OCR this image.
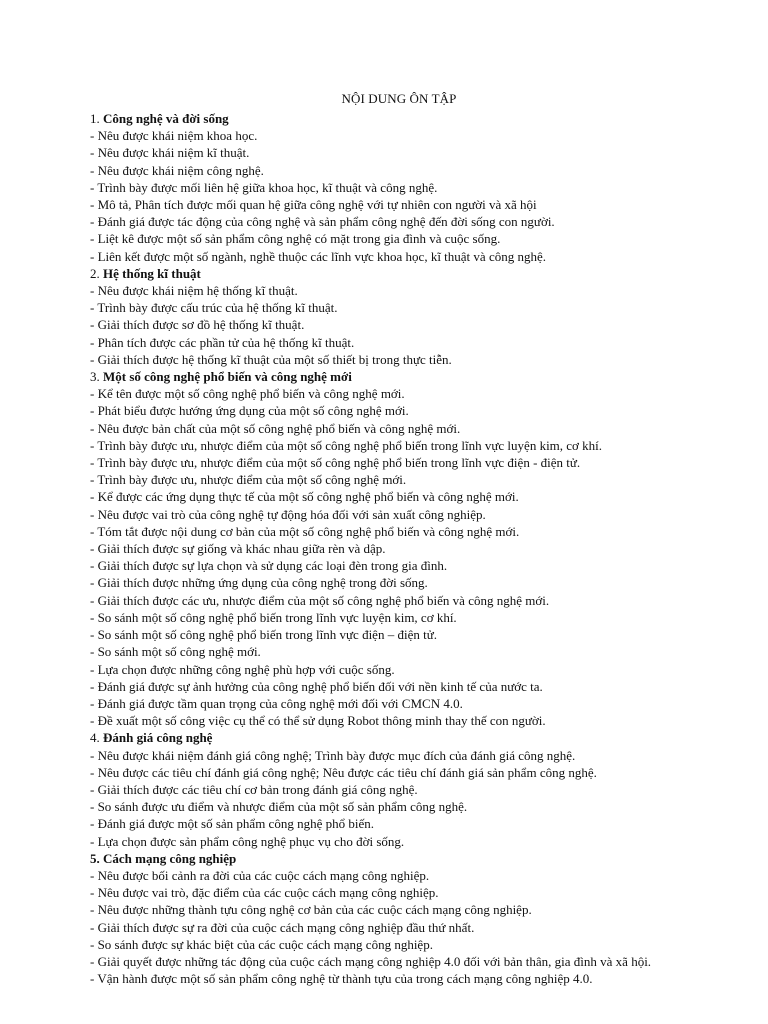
NỘI DUNG ÔN TẬP
1. Công nghệ và đời sống
- Nêu được khái niệm khoa học.
- Nêu được khái niệm kĩ thuật.
- Nêu được khái niệm công nghệ.
- Trình bày được mối liên hệ giữa khoa học, kĩ thuật và công nghệ.
- Mô tả, Phân tích được mối quan hệ giữa công nghệ với tự nhiên con người và xã hội
- Đánh giá được tác động của công nghệ và sản phẩm công nghệ đến đời sống con người.
- Liệt kê được một số sản phẩm công nghệ có mặt trong gia đình và cuộc sống.
- Liên kết được một số ngành, nghề thuộc các lĩnh vực khoa học, kĩ thuật và công nghệ.
2. Hệ thống kĩ thuật
- Nêu được khái niệm hệ thống kĩ thuật.
- Trình bày được cấu trúc của hệ thống kĩ thuật.
- Giải thích được sơ đồ hệ thống kĩ thuật.
- Phân tích được các phần tử của hệ thống kĩ thuật.
- Giải thích được hệ thống kĩ thuật của một số thiết bị trong thực tiễn.
3. Một số công nghệ phổ biến và công nghệ mới
- Kể tên được một số công nghệ phổ biến và công nghệ mới.
- Phát biểu được hướng ứng dụng của một số công nghệ mới.
- Nêu được bản chất của một số công nghệ phổ biến và công nghệ mới.
- Trình bày được ưu, nhược điểm của một số công nghệ phổ biến trong lĩnh vực luyện kim, cơ khí.
- Trình bày được ưu, nhược điểm của một số công nghệ phổ biến trong lĩnh vực điện - điện tử.
- Trình bày được ưu, nhược điểm của một số công nghệ mới.
- Kể được các ứng dụng thực tế của một số công nghệ phổ biến và công nghệ mới.
- Nêu được vai trò của công nghệ tự động hóa đối với sản xuất công nghiệp.
- Tóm tắt được nội dung cơ bản của một số công nghệ phổ biến và công nghệ mới.
- Giải thích được sự giống và khác nhau giữa rèn và dập.
- Giải thích được sự lựa chọn và sử dụng các loại đèn trong gia đình.
- Giải thích được những ứng dụng của công nghệ trong đời sống.
- Giải thích được các ưu, nhược điểm của một số công nghệ phổ biến và công nghệ mới.
- So sánh một số công nghệ phổ biến trong lĩnh vực luyện kim, cơ khí.
- So sánh một số công nghệ phổ biến trong lĩnh vực điện – điện tử.
- So sánh một số công nghệ mới.
- Lựa chọn được những công nghệ phù hợp với cuộc sống.
- Đánh giá được sự ảnh hưởng của công nghệ phổ biến đối với nền kinh tế của nước ta.
- Đánh giá được tầm quan trọng của công nghệ mới đối với CMCN 4.0.
- Đề xuất một số công việc cụ thể có thể sử dụng Robot thông minh thay thế con người.
4. Đánh giá công nghệ
- Nêu được khái niệm đánh giá công nghệ; Trình bày được mục đích của đánh giá công nghệ.
- Nêu được các tiêu chí đánh giá công nghệ; Nêu được các tiêu chí đánh giá sản phẩm công nghệ.
- Giải thích được các tiêu chí cơ bản trong đánh giá công nghệ.
- So sánh được ưu điểm và nhược điểm của một số sản phẩm công nghệ.
- Đánh giá được một số sản phẩm công nghệ phổ biến.
- Lựa chọn được sản phẩm công nghệ phục vụ cho đời sống.
5. Cách mạng công nghiệp
- Nêu được bối cảnh ra đời của các cuộc cách mạng công nghiệp.
- Nêu được vai trò, đặc điểm của các cuộc cách mạng công nghiệp.
- Nêu được những thành tựu công nghệ cơ bản của các cuộc cách mạng công nghiệp.
- Giải thích được sự ra đời của cuộc cách mạng công nghiệp đầu thứ nhất.
- So sánh được sự khác biệt của các cuộc cách mạng công nghiệp.
- Giải quyết được những tác động của cuộc cách mạng công nghiệp 4.0 đối với bản thân, gia đình và xã hội.
- Vận hành được một số sản phẩm công nghệ từ thành tựu của trong cách mạng công nghiệp 4.0.
